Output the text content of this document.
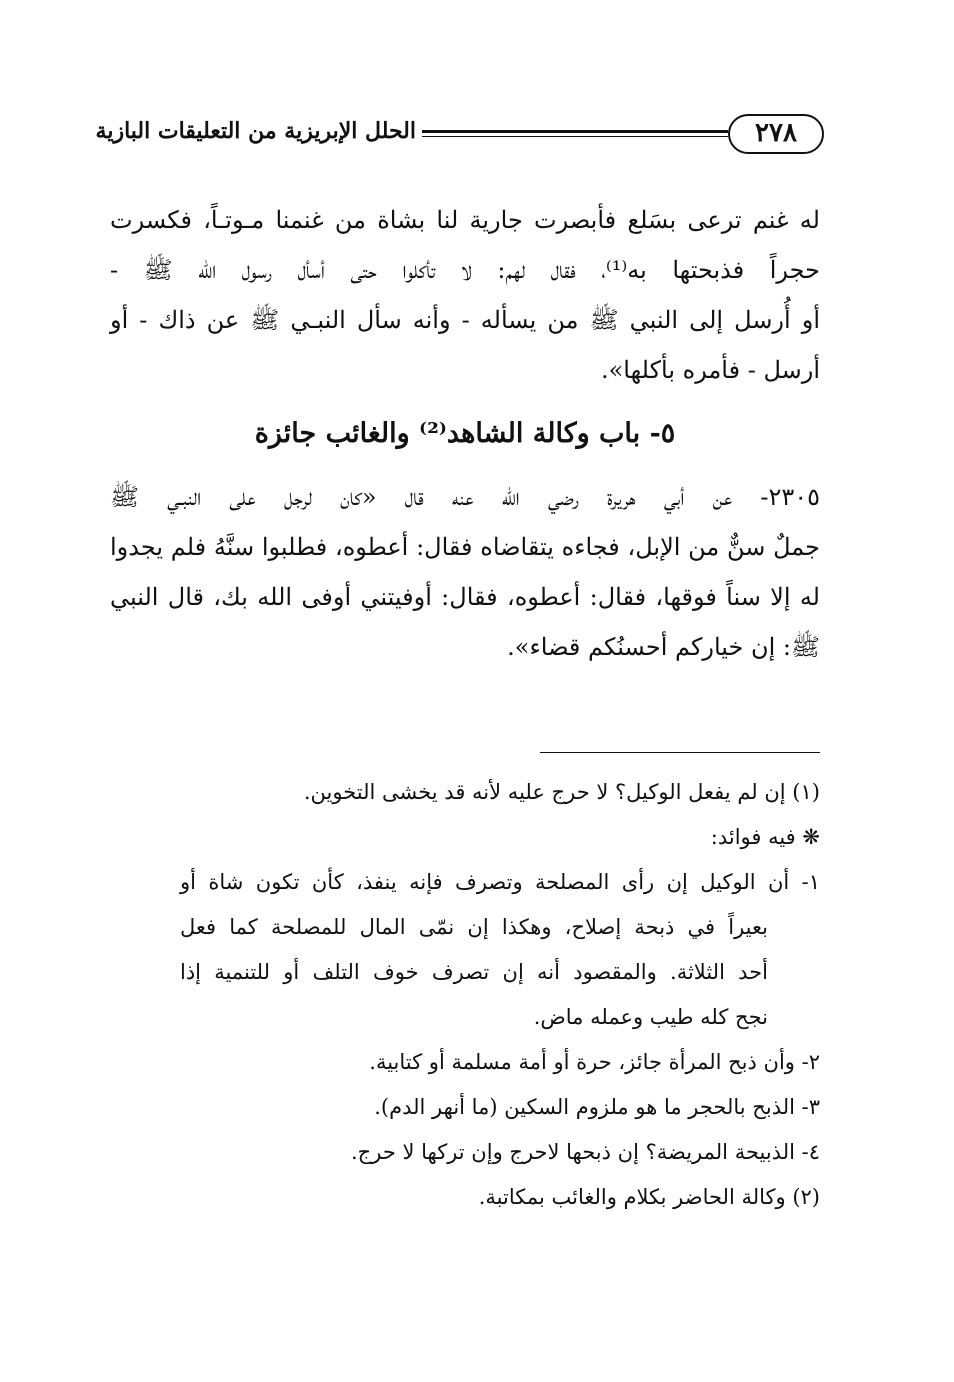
٢٧٨
الحلل الإبريزية من التعليقات البازية
له غنم ترعى بسَلع فأبصرت جارية لنا بشاة من غنمنا مـوتـاً، فكسرت
حجراً فذبحتها به⁽¹⁾، فقال لهم: لا تأكلوا حتى أسأل رسول الله ﷺ -
أو أُرسل إلى النبي ﷺ من يسأله - وأنه سأل النبـي ﷺ عن ذاك - أو
أرسل - فأمره بأكلها».
٥- باب وكالة الشاهد⁽²⁾ والغائب جائزة
٢٣٠٥- عن أبي هريرة رضي الله عنه قال «كان لرجل على النبـي ﷺ
جملٌ سنٌّ من الإبل، فجاءه يتقاضاه فقال: أعطوه، فطلبوا سنَّهُ فلم يجدوا
له إلا سناً فوقها، فقال: أعطوه، فقال: أوفيتني أوفى الله بك، قال النبي
ﷺ: إن خياركم أحسنُكم قضاء».
(١) إن لم يفعل الوكيل؟ لا حرج عليه لأنه قد يخشى التخوين.
❋ فيه فوائد:
١- أن الوكيل إن رأى المصلحة وتصرف فإنه ينفذ، كأن تكون شاة أو
بعيراً في ذبحة إصلاح، وهكذا إن نمّى المال للمصلحة كما فعل
أحد الثلاثة. والمقصود أنه إن تصرف خوف التلف أو للتنمية إذا
نجح كله طيب وعمله ماض.
٢- وأن ذبح المرأة جائز، حرة أو أمة مسلمة أو كتابية.
٣- الذبح بالحجر ما هو ملزوم السكين (ما أنهر الدم).
٤- الذبيحة المريضة؟ إن ذبحها لاحرج وإن تركها لا حرج.
(٢) وكالة الحاضر بكلام والغائب بمكاتبة.
